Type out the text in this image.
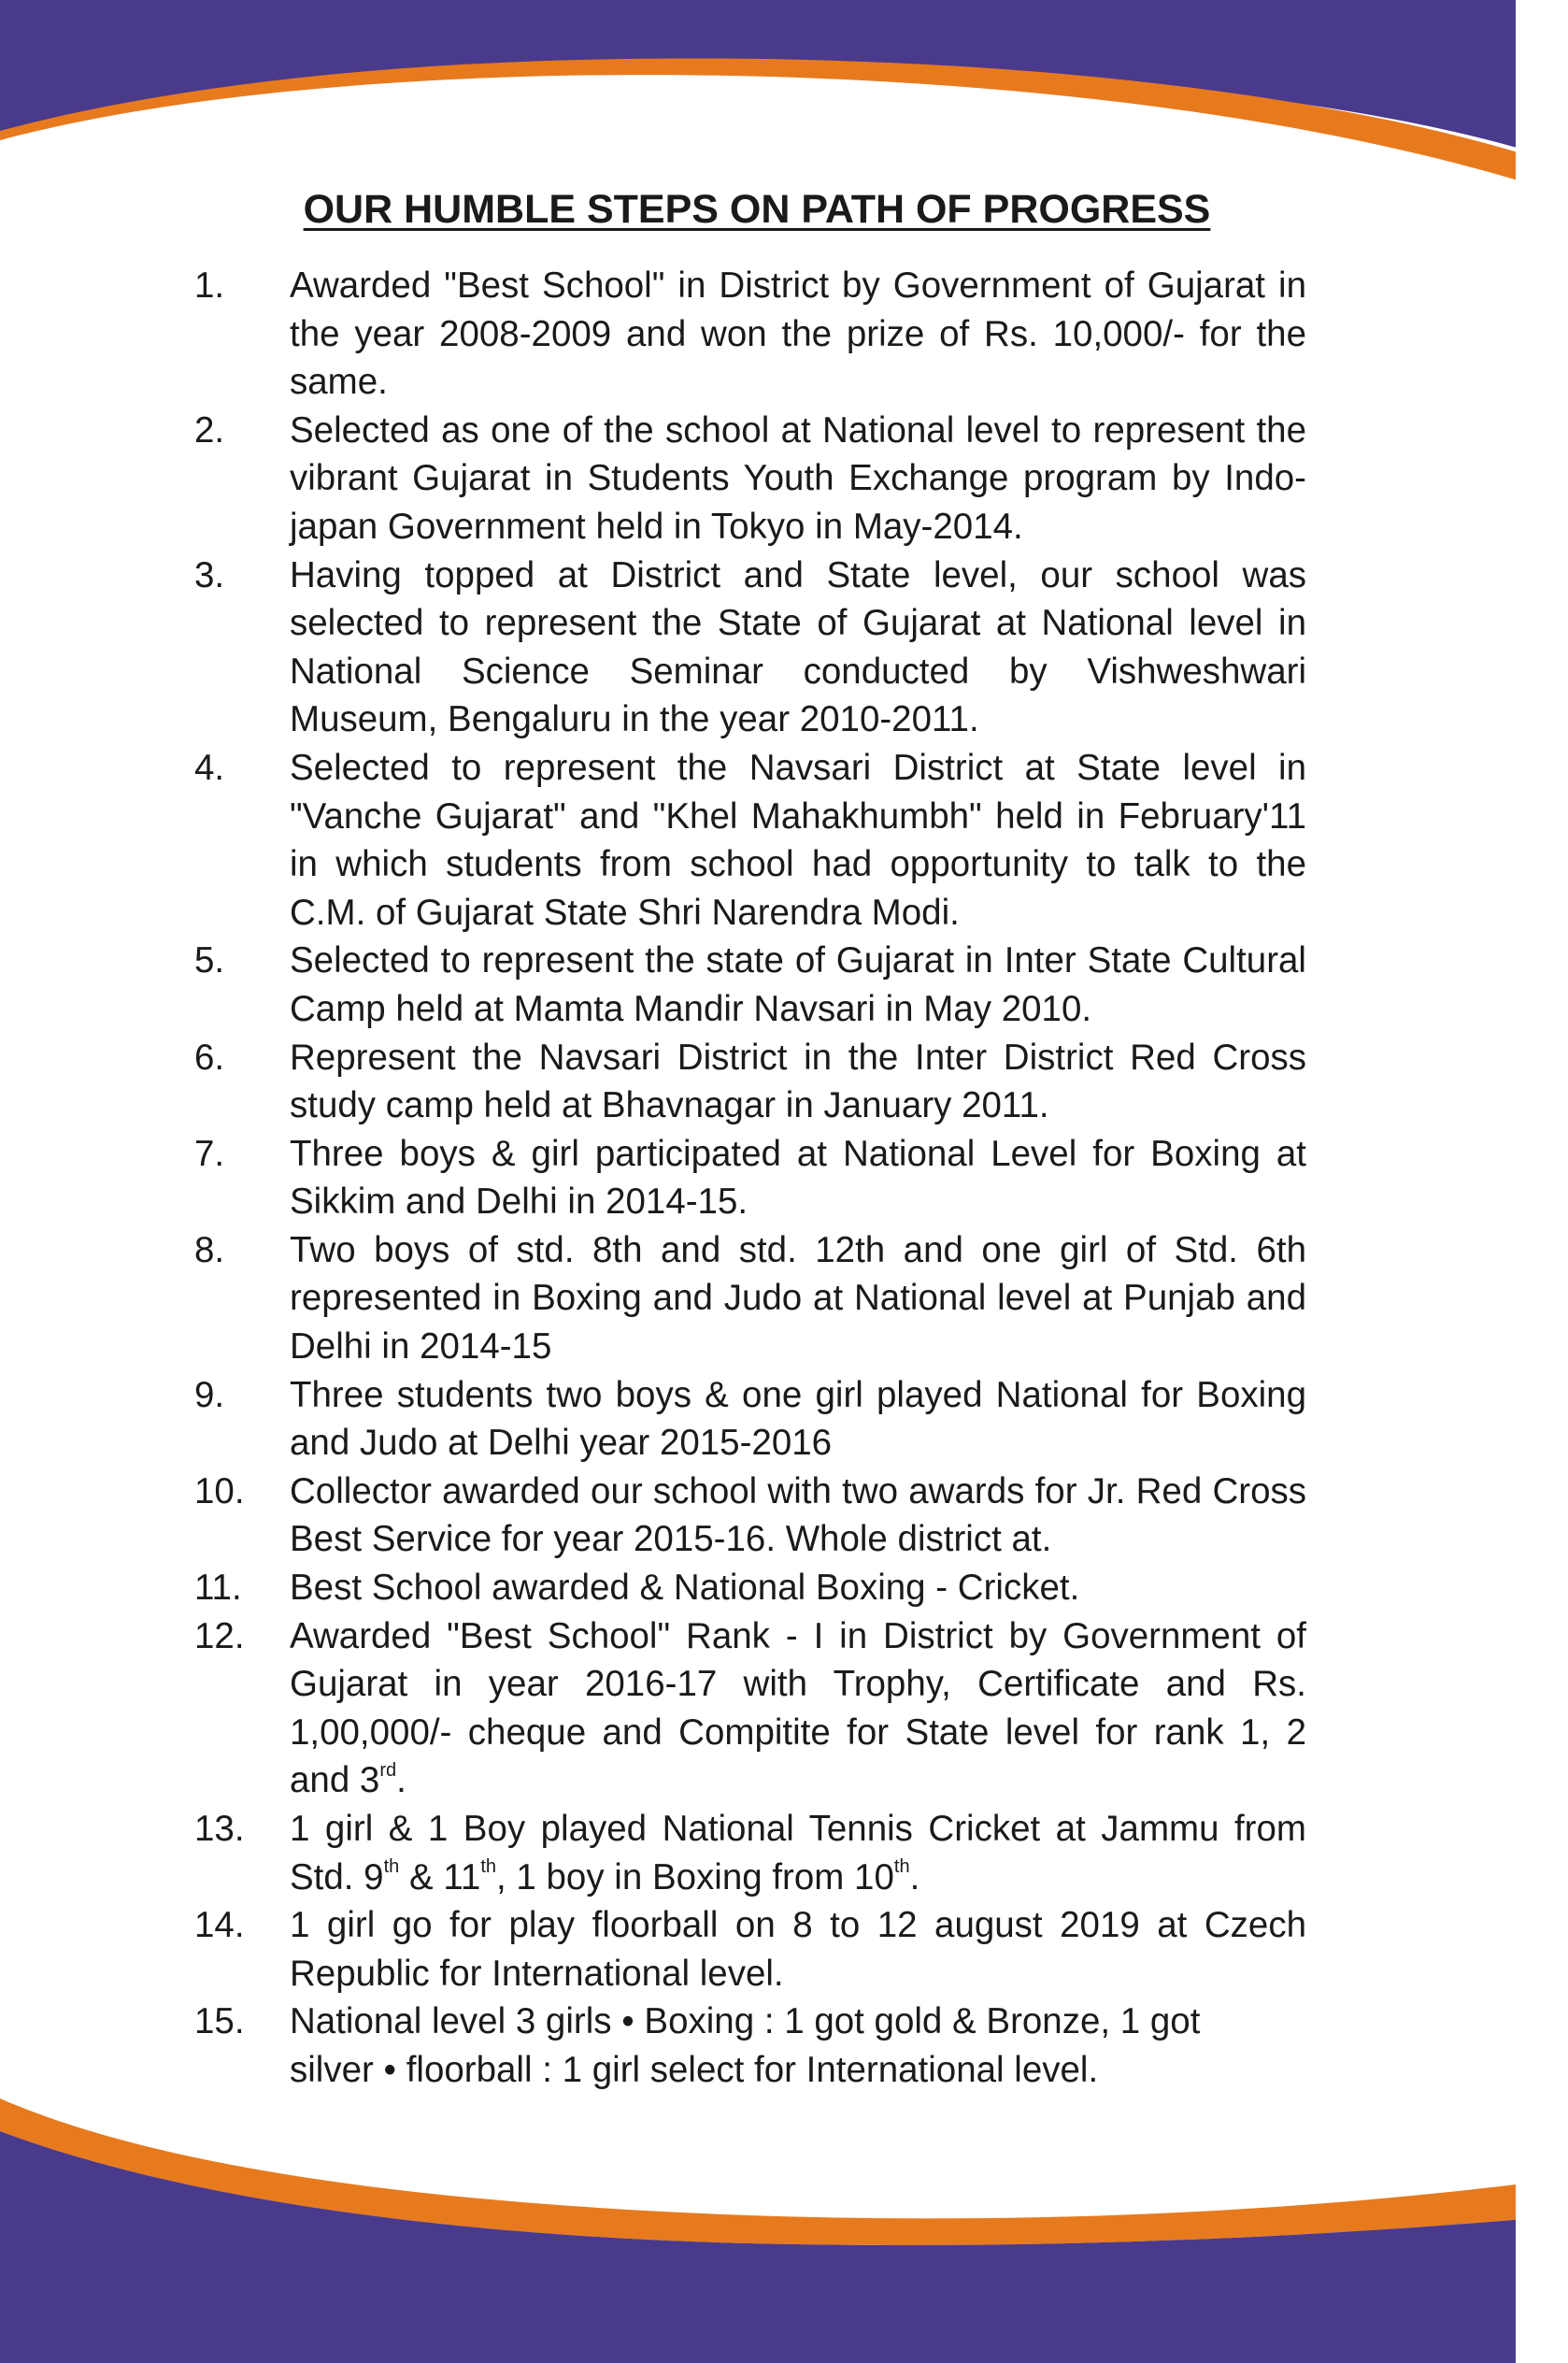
OUR HUMBLE STEPS ON PATH OF PROGRESS
1.	Awarded "Best School" in District by Government of Gujarat in the year 2008-2009 and won the prize of Rs. 10,000/- for the same.
2.	Selected as one of the school at National level to represent the vibrant Gujarat in Students Youth Exchange program by Indo-japan Government held in Tokyo in May-2014.
3.	Having topped at District and State level, our school was selected to represent the State of Gujarat at National level in National Science Seminar conducted by Vishweshwari Museum, Bengaluru in the year 2010-2011.
4.	Selected to represent the Navsari District at State level in "Vanche Gujarat" and "Khel Mahakhumbh" held in February'11 in which students from school had opportunity to talk to the C.M. of Gujarat State Shri Narendra Modi.
5.	Selected to represent the state of Gujarat in Inter State Cultural Camp held at Mamta Mandir Navsari in May 2010.
6.	Represent the Navsari District in the Inter District Red Cross study camp held at Bhavnagar in January 2011.
7.	Three boys & girl participated at National Level for Boxing at Sikkim and Delhi in 2014-15.
8.	Two boys of std. 8th and std. 12th and one girl of Std. 6th represented in Boxing and Judo at National level at Punjab and Delhi in 2014-15
9.	Three students two boys & one girl played National for Boxing and Judo at Delhi year 2015-2016
10.	Collector awarded our school with two awards for Jr. Red Cross Best Service for year 2015-16. Whole district at.
11.	Best School awarded & National Boxing - Cricket.
12.	Awarded "Best School" Rank - I in District by Government of Gujarat in year 2016-17 with Trophy, Certificate and Rs. 1,00,000/- cheque and Compitite for State level for rank 1, 2 and 3rd.
13.	1 girl & 1 Boy played National Tennis Cricket at Jammu from Std. 9th & 11th, 1 boy in Boxing from 10th.
14.	1 girl go for play floorball on 8 to 12 august 2019 at Czech Republic for International level.
15.	National level 3 girls • Boxing : 1 got gold & Bronze, 1 got
silver • floorball : 1 girl select for International level.
